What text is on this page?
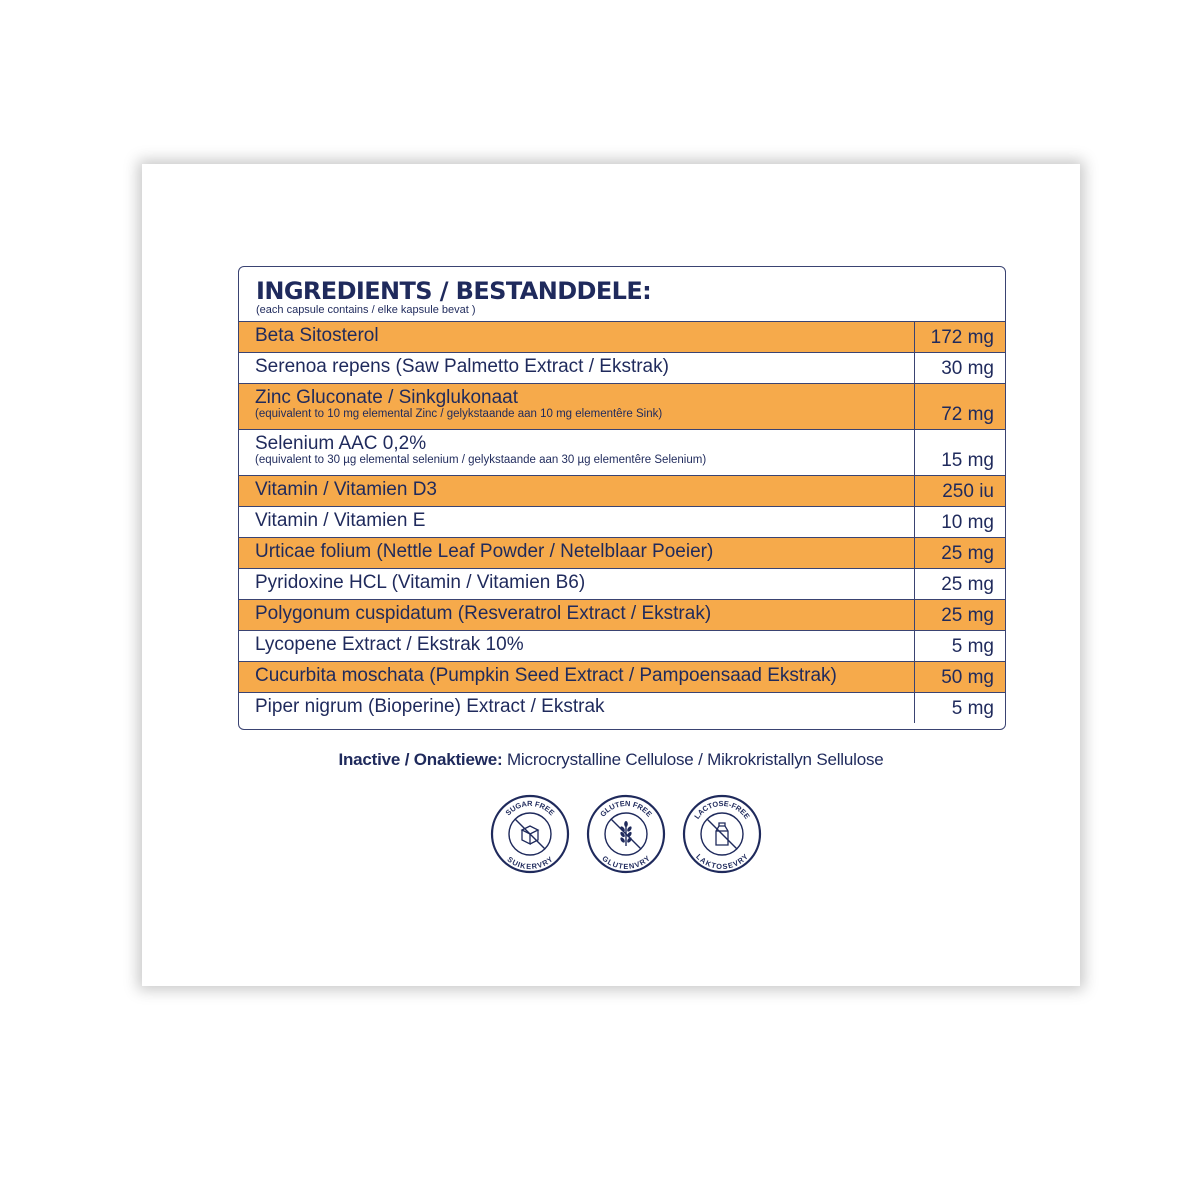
INGREDIENTS / BESTANDDELE:
(each capsule contains / elke kapsule bevat )
Beta Sitosterol	172 mg
Serenoa repens (Saw Palmetto Extract / Ekstrak)	30 mg
Zinc Gluconate / Sinkglukonaat
(equivalent to 10 mg elemental Zinc / gelykstaande aan 10 mg elementêre Sink)	72 mg
Selenium AAC 0,2%
(equivalent to 30 µg elemental selenium / gelykstaande aan 30 µg elementêre Selenium)	15 mg
Vitamin / Vitamien D3	250 iu
Vitamin / Vitamien E	10 mg
Urticae folium (Nettle Leaf Powder / Netelblaar Poeier)	25 mg
Pyridoxine HCL (Vitamin / Vitamien B6)	25 mg
Polygonum cuspidatum (Resveratrol Extract / Ekstrak)	25 mg
Lycopene Extract / Ekstrak 10%	5 mg
Cucurbita moschata (Pumpkin Seed Extract / Pampoensaad Ekstrak)	50 mg
Piper nigrum (Bioperine) Extract / Ekstrak	5 mg
Inactive / Onaktiewe: Microcrystalline Cellulose / Mikrokristallyn Sellulose
SUGAR FREE
SUIKERVRY
GLUTEN FREE
GLUTENVRY
LACTOSE-FREE
LAKTOSEVRY
